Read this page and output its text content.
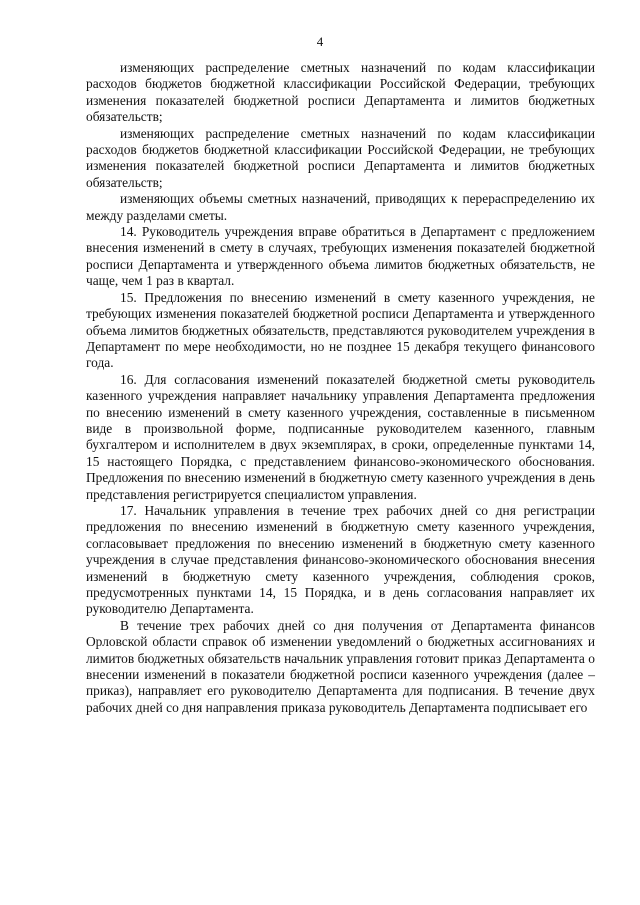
4

изменяющих распределение сметных назначений по кодам классификации расходов бюджетов бюджетной классификации Российской Федерации, требующих изменения показателей бюджетной росписи Департамента и лимитов бюджетных обязательств;

изменяющих распределение сметных назначений по кодам классификации расходов бюджетов бюджетной классификации Российской Федерации, не требующих изменения показателей бюджетной росписи Департамента и лимитов бюджетных обязательств;

изменяющих объемы сметных назначений, приводящих к перераспределению их между разделами сметы.

14. Руководитель учреждения вправе обратиться в Департамент с предложением внесения изменений в смету в случаях, требующих изменения показателей бюджетной росписи Департамента и утвержденного объема лимитов бюджетных обязательств, не чаще, чем 1 раз в квартал.

15. Предложения по внесению изменений в смету казенного учреждения, не требующих изменения показателей бюджетной росписи Департамента и утвержденного объема лимитов бюджетных обязательств, представляются руководителем учреждения в Департамент по мере необходимости, но не позднее 15 декабря текущего финансового года.

16. Для согласования изменений показателей бюджетной сметы руководитель казенного учреждения направляет начальнику управления Департамента предложения по внесению изменений в смету казенного учреждения, составленные в письменном виде в произвольной форме, подписанные руководителем казенного, главным бухгалтером и исполнителем в двух экземплярах, в сроки, определенные пунктами 14, 15 настоящего Порядка, с представлением финансово-экономического обоснования. Предложения по внесению изменений в бюджетную смету казенного учреждения в день представления регистрируется специалистом управления.

17. Начальник управления в течение трех рабочих дней со дня регистрации предложения по внесению изменений в бюджетную смету казенного учреждения, согласовывает предложения по внесению изменений в бюджетную смету казенного учреждения в случае представления финансово-экономического обоснования внесения изменений в бюджетную смету казенного учреждения, соблюдения сроков, предусмотренных пунктами 14, 15 Порядка, и в день согласования направляет их руководителю Департамента.

В течение трех рабочих дней со дня получения от Департамента финансов Орловской области справок об изменении уведомлений о бюджетных ассигнованиях и лимитов бюджетных обязательств начальник управления готовит приказ Департамента о внесении изменений в показатели бюджетной росписи казенного учреждения (далее – приказ), направляет его руководителю Департамента для подписания. В течение двух рабочих дней со дня направления приказа руководитель Департамента подписывает его
